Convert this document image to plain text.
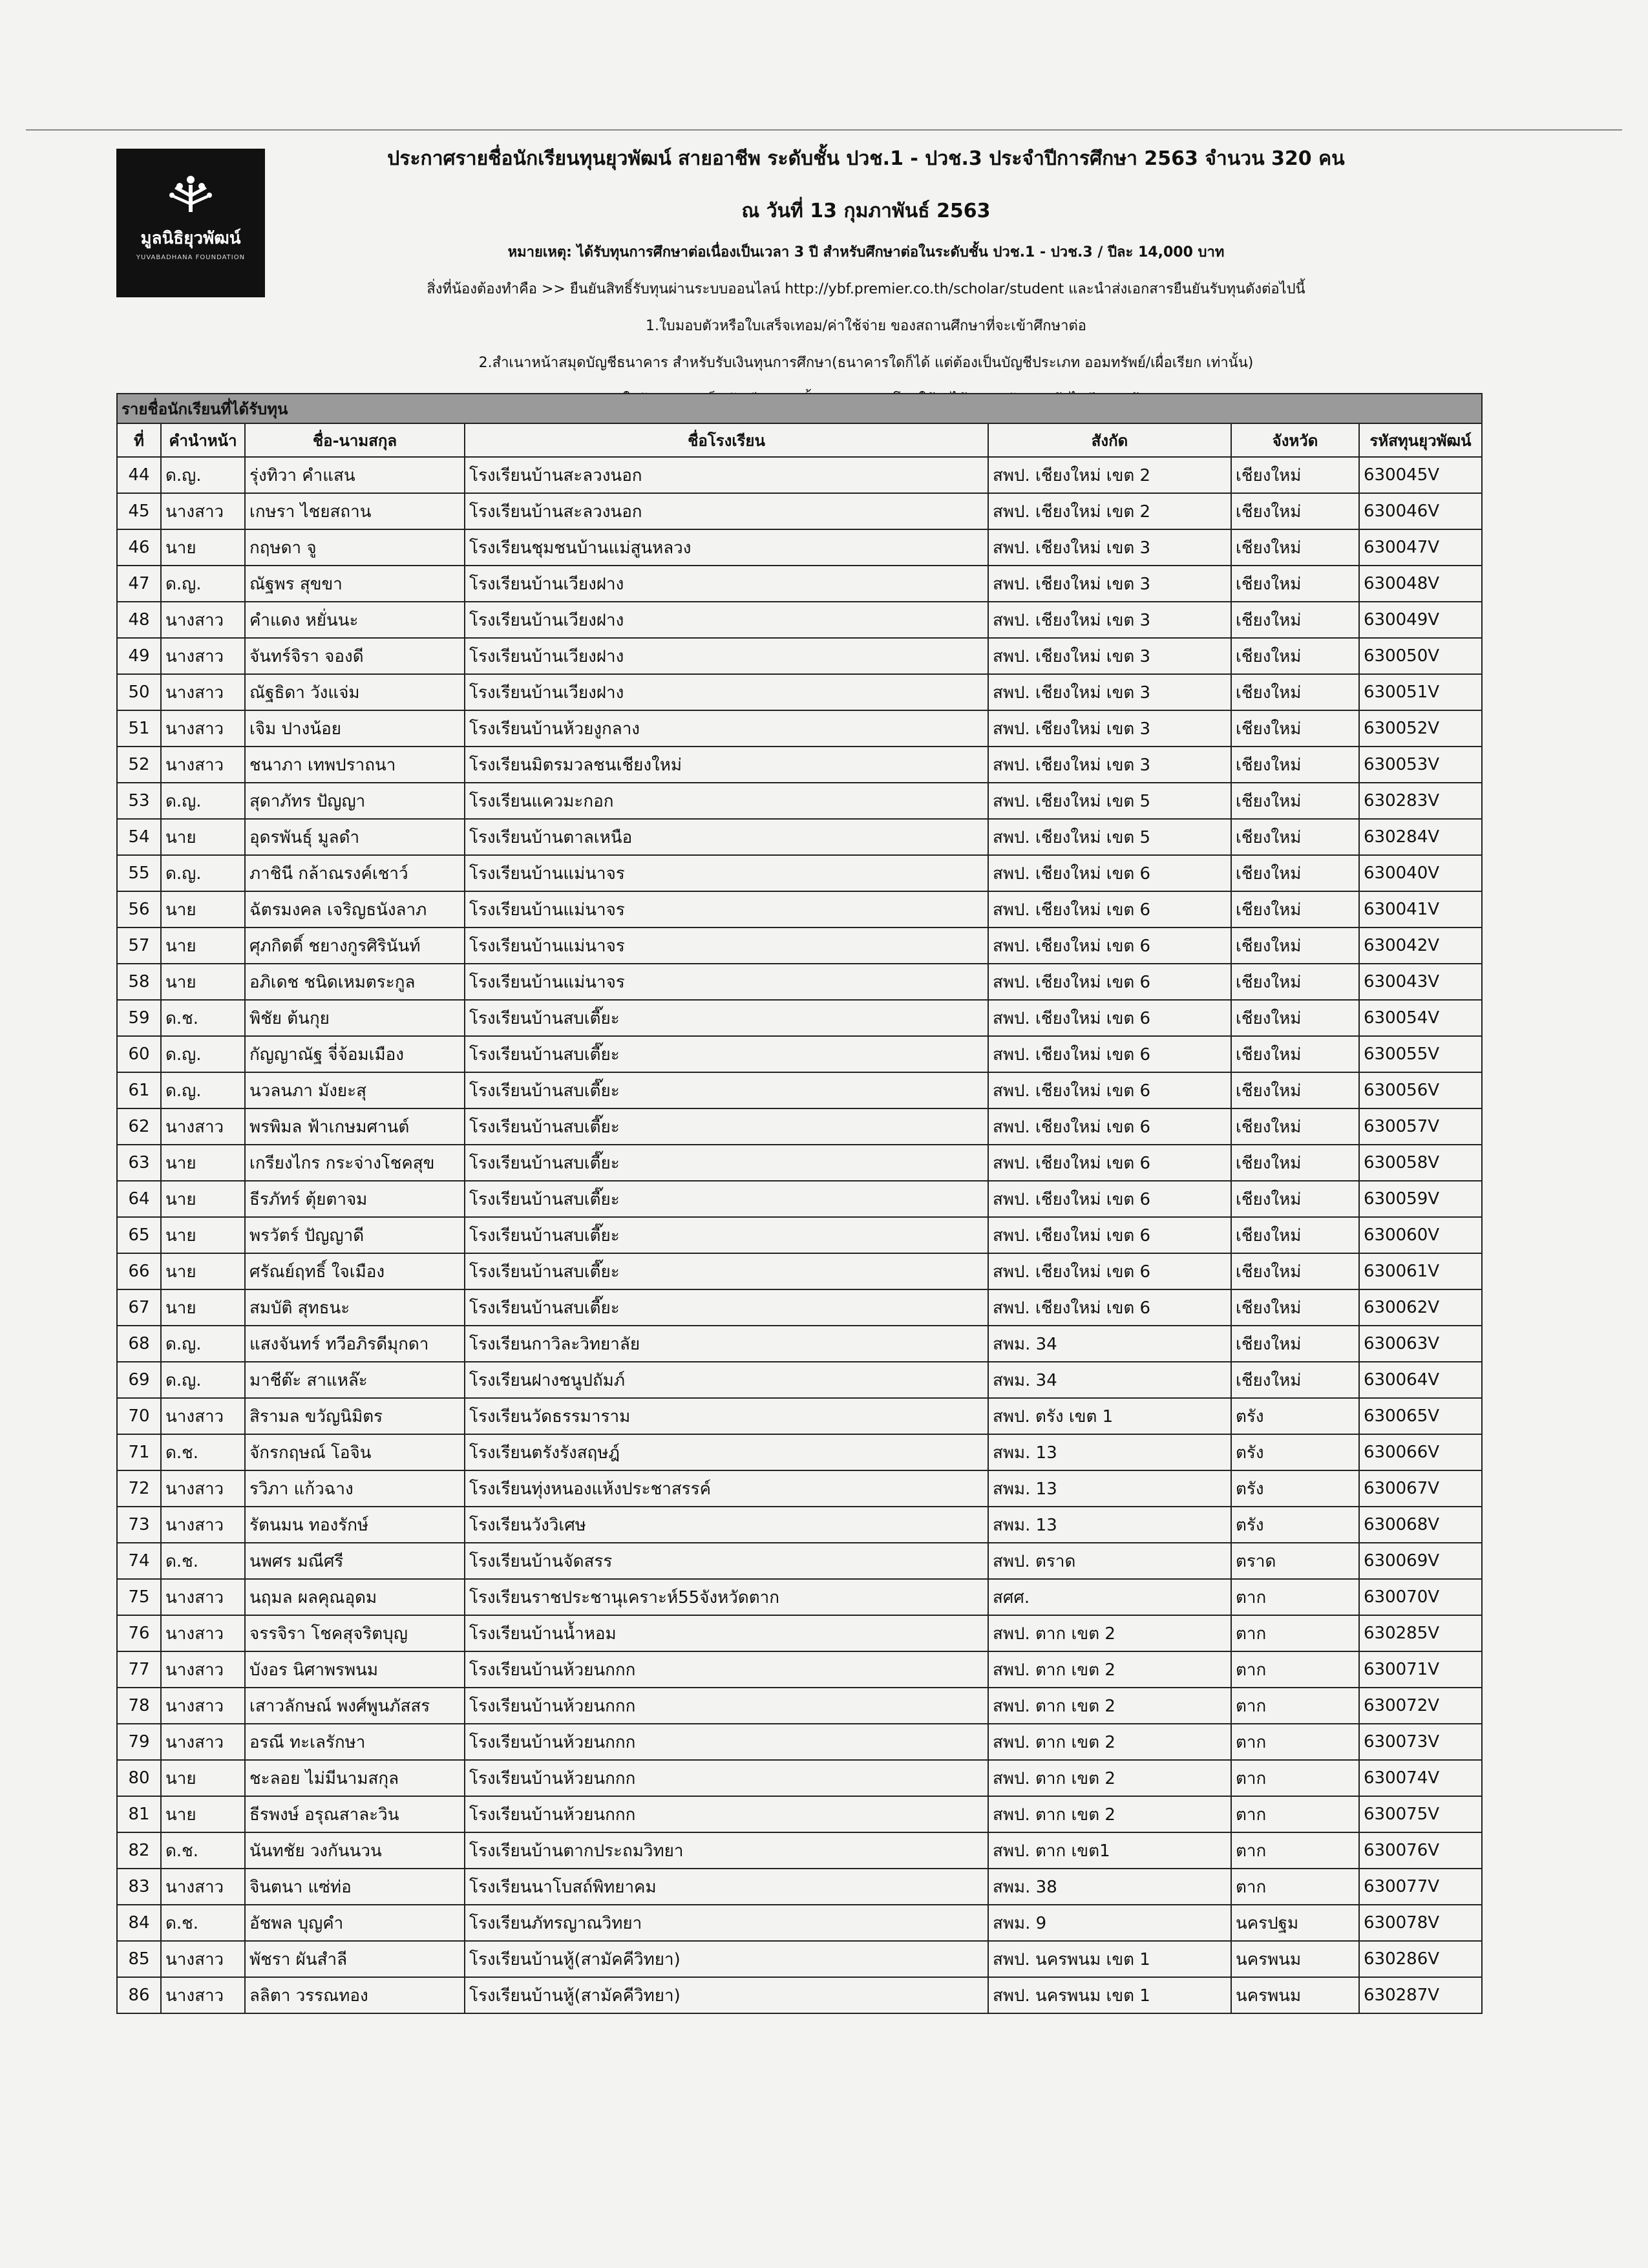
มูลนิธิยุวพัฒน์
YUVABADHANA FOUNDATION
ประกาศรายชื่อนักเรียนทุนยุวพัฒน์ สายอาชีพ ระดับชั้น ปวช.1 - ปวช.3 ประจำปีการศึกษา 2563 จำนวน 320 คน
ณ วันที่ 13 กุมภาพันธ์ 2563
หมายเหตุ: ได้รับทุนการศึกษาต่อเนื่องเป็นเวลา 3 ปี สำหรับศึกษาต่อในระดับชั้น ปวช.1 - ปวช.3 / ปีละ 14,000 บาท
สิ่งที่น้องต้องทำคือ >> ยืนยันสิทธิ์รับทุนผ่านระบบออนไลน์ http://ybf.premier.co.th/scholar/student และนำส่งเอกสารยืนยันรับทุนดังต่อไปนี้
1.ใบมอบตัวหรือใบเสร็จเทอม/ค่าใช้จ่าย ของสถานศึกษาที่จะเข้าศึกษาต่อ
2.สำเนาหน้าสมุดบัญชีธนาคาร สำหรับรับเงินทุนการศึกษา(ธนาคารใดก็ได้ แต่ต้องเป็นบัญชีประเภท ออมทรัพย์/เผื่อเรียก เท่านั้น)
รายชื่อนักเรียนที่ได้รับทุน						
ที่	คำนำหน้า	ชื่อ-นามสกุล	ชื่อโรงเรียน	สังกัด	จังหวัด	รหัสทุนยุวพัฒน์
44	ด.ญ.	รุ่งทิวา คำแสน	โรงเรียนบ้านสะลวงนอก	สพป. เชียงใหม่ เขต 2	เชียงใหม่	630045V
45	นางสาว	เกษรา ไชยสถาน	โรงเรียนบ้านสะลวงนอก	สพป. เชียงใหม่ เขต 2	เชียงใหม่	630046V
46	นาย	กฤษดา จู	โรงเรียนชุมชนบ้านแม่สูนหลวง	สพป. เชียงใหม่ เขต 3	เชียงใหม่	630047V
47	ด.ญ.	ณัฐพร สุขขา	โรงเรียนบ้านเวียงฝาง	สพป. เชียงใหม่ เขต 3	เชียงใหม่	630048V
48	นางสาว	คำแดง หยั่นนะ	โรงเรียนบ้านเวียงฝาง	สพป. เชียงใหม่ เขต 3	เชียงใหม่	630049V
49	นางสาว	จันทร์จิรา จองดี	โรงเรียนบ้านเวียงฝาง	สพป. เชียงใหม่ เขต 3	เชียงใหม่	630050V
50	นางสาว	ณัฐธิดา วังแจ่ม	โรงเรียนบ้านเวียงฝาง	สพป. เชียงใหม่ เขต 3	เชียงใหม่	630051V
51	นางสาว	เจิม ปางน้อย	โรงเรียนบ้านห้วยงูกลาง	สพป. เชียงใหม่ เขต 3	เชียงใหม่	630052V
52	นางสาว	ชนาภา เทพปราถนา	โรงเรียนมิตรมวลชนเชียงใหม่	สพป. เชียงใหม่ เขต 3	เชียงใหม่	630053V
53	ด.ญ.	สุดาภัทร ปัญญา	โรงเรียนแควมะกอก	สพป. เชียงใหม่ เขต 5	เชียงใหม่	630283V
54	นาย	อุดรพันธุ์ มูลดำ	โรงเรียนบ้านตาลเหนือ	สพป. เชียงใหม่ เขต 5	เชียงใหม่	630284V
55	ด.ญ.	ภาชินี กล้าณรงค์เชาว์	โรงเรียนบ้านแม่นาจร	สพป. เชียงใหม่ เขต 6	เชียงใหม่	630040V
56	นาย	ฉัตรมงคล เจริญธนังลาภ	โรงเรียนบ้านแม่นาจร	สพป. เชียงใหม่ เขต 6	เชียงใหม่	630041V
57	นาย	ศุภกิตติ์ ชยางกูรศิรินันท์	โรงเรียนบ้านแม่นาจร	สพป. เชียงใหม่ เขต 6	เชียงใหม่	630042V
58	นาย	อภิเดช ชนิดเหมตระกูล	โรงเรียนบ้านแม่นาจร	สพป. เชียงใหม่ เขต 6	เชียงใหม่	630043V
59	ด.ช.	พิชัย ต้นกุย	โรงเรียนบ้านสบเตี๊ยะ	สพป. เชียงใหม่ เขต 6	เชียงใหม่	630054V
60	ด.ญ.	กัญญาณัฐ จี่จ้อมเมือง	โรงเรียนบ้านสบเตี๊ยะ	สพป. เชียงใหม่ เขต 6	เชียงใหม่	630055V
61	ด.ญ.	นวลนภา มังยะสุ	โรงเรียนบ้านสบเตี๊ยะ	สพป. เชียงใหม่ เขต 6	เชียงใหม่	630056V
62	นางสาว	พรพิมล ฟ้าเกษมศานต์	โรงเรียนบ้านสบเตี๊ยะ	สพป. เชียงใหม่ เขต 6	เชียงใหม่	630057V
63	นาย	เกรียงไกร กระจ่างโชคสุข	โรงเรียนบ้านสบเตี๊ยะ	สพป. เชียงใหม่ เขต 6	เชียงใหม่	630058V
64	นาย	ธีรภัทร์ ตุ้ยตาจม	โรงเรียนบ้านสบเตี๊ยะ	สพป. เชียงใหม่ เขต 6	เชียงใหม่	630059V
65	นาย	พรวัตร์ ปัญญาดี	โรงเรียนบ้านสบเตี๊ยะ	สพป. เชียงใหม่ เขต 6	เชียงใหม่	630060V
66	นาย	ศรัณย์ฤทธิ์ ใจเมือง	โรงเรียนบ้านสบเตี๊ยะ	สพป. เชียงใหม่ เขต 6	เชียงใหม่	630061V
67	นาย	สมบัติ สุทธนะ	โรงเรียนบ้านสบเตี๊ยะ	สพป. เชียงใหม่ เขต 6	เชียงใหม่	630062V
68	ด.ญ.	แสงจันทร์ ทวีอภิรดีมุกดา	โรงเรียนกาวิละวิทยาลัย	สพม. 34	เชียงใหม่	630063V
69	ด.ญ.	มาชีต๊ะ สาแหล๊ะ	โรงเรียนฝางชนูปถัมภ์	สพม. 34	เชียงใหม่	630064V
70	นางสาว	สิรามล ขวัญนิมิตร	โรงเรียนวัดธรรมาราม	สพป. ตรัง เขต 1	ตรัง	630065V
71	ด.ช.	จักรกฤษณ์ โอจิน	โรงเรียนตรังรังสฤษฎ์	สพม. 13	ตรัง	630066V
72	นางสาว	รวิภา แก้วฉาง	โรงเรียนทุ่งหนองแห้งประชาสรรค์	สพม. 13	ตรัง	630067V
73	นางสาว	รัตนมน ทองรักษ์	โรงเรียนวังวิเศษ	สพม. 13	ตรัง	630068V
74	ด.ช.	นพศร มณีศรี	โรงเรียนบ้านจัดสรร	สพป. ตราด	ตราด	630069V
75	นางสาว	นฤมล ผลคุณอุดม	โรงเรียนราชประชานุเคราะห์55จังหวัดตาก	สศศ.	ตาก	630070V
76	นางสาว	จรรจิรา โชคสุจริตบุญ	โรงเรียนบ้านน้ำหอม	สพป. ตาก เขต 2	ตาก	630285V
77	นางสาว	บังอร นิศาพรพนม	โรงเรียนบ้านห้วยนกกก	สพป. ตาก เขต 2	ตาก	630071V
78	นางสาว	เสาวลักษณ์ พงศ์พูนภัสสร	โรงเรียนบ้านห้วยนกกก	สพป. ตาก เขต 2	ตาก	630072V
79	นางสาว	อรณี ทะเลรักษา	โรงเรียนบ้านห้วยนกกก	สพป. ตาก เขต 2	ตาก	630073V
80	นาย	ชะลอย ไม่มีนามสกุล	โรงเรียนบ้านห้วยนกกก	สพป. ตาก เขต 2	ตาก	630074V
81	นาย	ธีรพงษ์ อรุณสาละวิน	โรงเรียนบ้านห้วยนกกก	สพป. ตาก เขต 2	ตาก	630075V
82	ด.ช.	นันทชัย วงกันนวน	โรงเรียนบ้านตากประถมวิทยา	สพป. ตาก เขต1	ตาก	630076V
83	นางสาว	จินตนา แซ่ท่อ	โรงเรียนนาโบสถ์พิทยาคม	สพม. 38	ตาก	630077V
84	ด.ช.	อัชพล บุญคำ	โรงเรียนภัทรญาณวิทยา	สพม. 9	นครปฐม	630078V
85	นางสาว	พัชรา ผันสำลี	โรงเรียนบ้านหู้(สามัคคีวิทยา)	สพป. นครพนม เขต 1	นครพนม	630286V
86	นางสาว	ลลิตา วรรณทอง	โรงเรียนบ้านหู้(สามัคคีวิทยา)	สพป. นครพนม เขต 1	นครพนม	630287V
